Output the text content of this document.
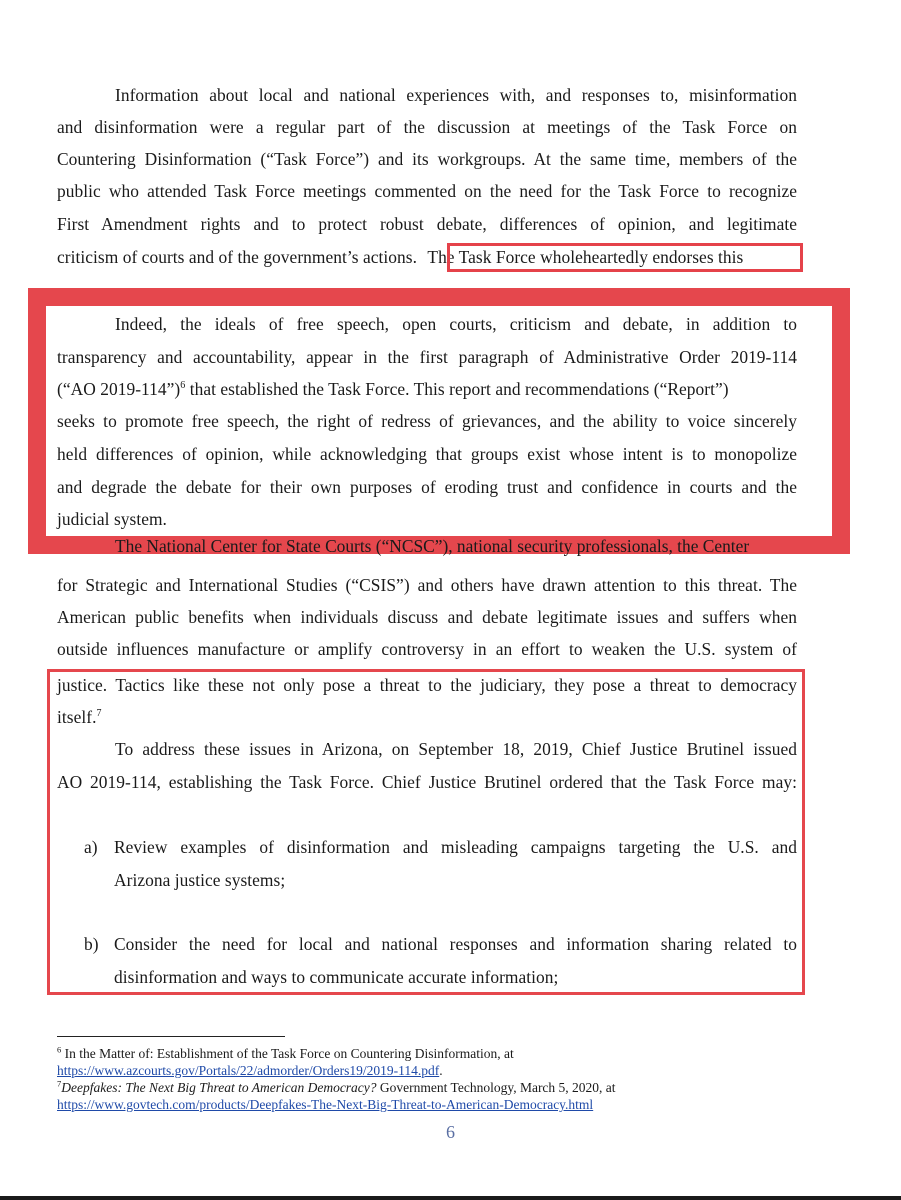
Information about local and national experiences with, and responses to, misinformation
and disinformation were a regular part of the discussion at meetings of the Task Force on
Countering Disinformation (“Task Force”) and its workgroups. At the same time, members of the
public who attended Task Force meetings commented on the need for the Task Force to recognize
First Amendment rights and to protect robust debate, differences of opinion, and legitimate
criticism of courts and of the government’s actions. The Task Force wholeheartedly endorses this
Indeed, the ideals of free speech, open courts, criticism and debate, in addition to
transparency and accountability, appear in the first paragraph of Administrative Order 2019-114
(“AO 2019-114”)$^6$ that established the Task Force. This report and recommendations (“Report”)
seeks to promote free speech, the right of redress of grievances, and the ability to voice sincerely
held differences of opinion, while acknowledging that groups exist whose intent is to monopolize
and degrade the debate for their own purposes of eroding trust and confidence in courts and the
judicial system.
The National Center for State Courts (“NCSC”), national security professionals, the Center
for Strategic and International Studies (“CSIS”) and others have drawn attention to this threat. The
American public benefits when individuals discuss and debate legitimate issues and suffers when
outside influences manufacture or amplify controversy in an effort to weaken the U.S. system of
justice. Tactics like these not only pose a threat to the judiciary, they pose a threat to democracy
itself.$^7$
To address these issues in Arizona, on September 18, 2019, Chief Justice Brutinel issued
AO 2019-114, establishing the Task Force. Chief Justice Brutinel ordered that the Task Force may:
a) Review examples of disinformation and misleading campaigns targeting the U.S. and
Arizona justice systems;
b) Consider the need for local and national responses and information sharing related to
disinformation and ways to communicate accurate information;
$^6$ In the Matter of: Establishment of the Task Force on Countering Disinformation, at
https://www.azcourts.gov/Portals/22/admorder/Orders19/2019-114.pdf.
$^7$Deepfakes: The Next Big Threat to American Democracy? Government Technology, March 5, 2020, at
https://www.govtech.com/products/Deepfakes-The-Next-Big-Threat-to-American-Democracy.html
6
